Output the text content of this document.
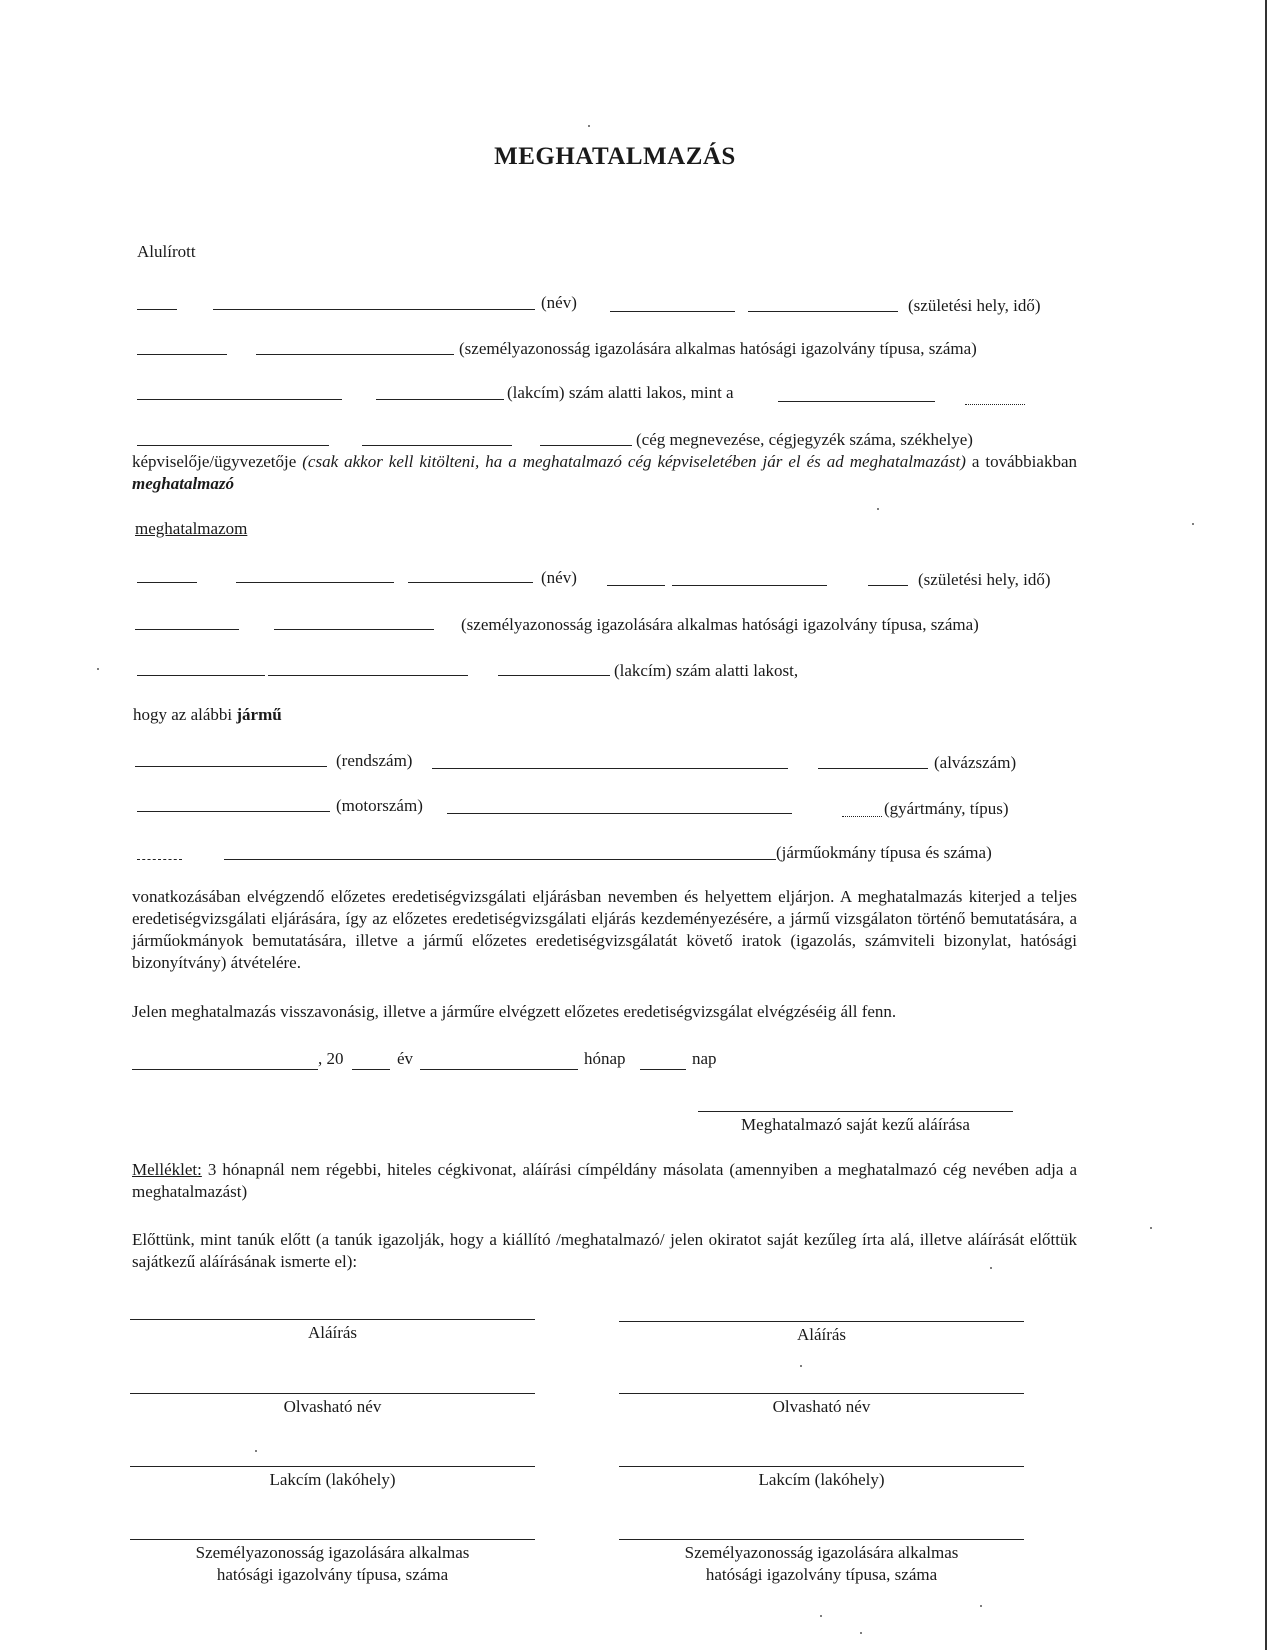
MEGHATALMAZÁS
Alulírott
(név)	(születési hely, idő)
(személyazonosság igazolására alkalmas hatósági igazolvány típusa, száma)
(lakcím) szám alatti lakos, mint a
(cég megnevezése, cégjegyzék száma, székhelye)
képviselője/ügyvezetője (csak akkor kell kitölteni, ha a meghatalmazó cég képviseletében jár el és ad meghatalmazást) a továbbiakban meghatalmazó
meghatalmazom
(név)	(születési hely, idő)
(személyazonosság igazolására alkalmas hatósági igazolvány típusa, száma)
(lakcím) szám alatti lakost,
hogy az alábbi jármű
(rendszám)	(alvázszám)
(motorszám)	(gyártmány, típus)
(járműokmány típusa és száma)
vonatkozásában elvégzendő előzetes eredetiségvizsgálati eljárásban nevemben és helyettem eljárjon. A meghatalmazás kiterjed a teljes eredetiségvizsgálati eljárására, így az előzetes eredetiségvizsgálati eljárás kezdeményezésére, a jármű vizsgálaton történő bemutatására, a járműokmányok bemutatására, illetve a jármű előzetes eredetiségvizsgálatát követő iratok (igazolás, számviteli bizonylat, hatósági bizonyítvány) átvételére.
Jelen meghatalmazás visszavonásig, illetve a járműre elvégzett előzetes eredetiségvizsgálat elvégzéséig áll fenn.
, 20	év	hónap	nap
Meghatalmazó saját kezű aláírása
Melléklet: 3 hónapnál nem régebbi, hiteles cégkivonat, aláírási címpéldány másolata (amennyiben a meghatalmazó cég nevében adja a meghatalmazást)
Előttünk, mint tanúk előtt (a tanúk igazolják, hogy a kiállító /meghatalmazó/ jelen okiratot saját kezűleg írta alá, illetve aláírását előttük sajátkezű aláírásának ismerte el):
Aláírás
Olvasható név
Lakcím (lakóhely)
Személyazonosság igazolására alkalmas
hatósági igazolvány típusa, száma
Aláírás
Olvasható név
Lakcím (lakóhely)
Személyazonosság igazolására alkalmas
hatósági igazolvány típusa, száma
